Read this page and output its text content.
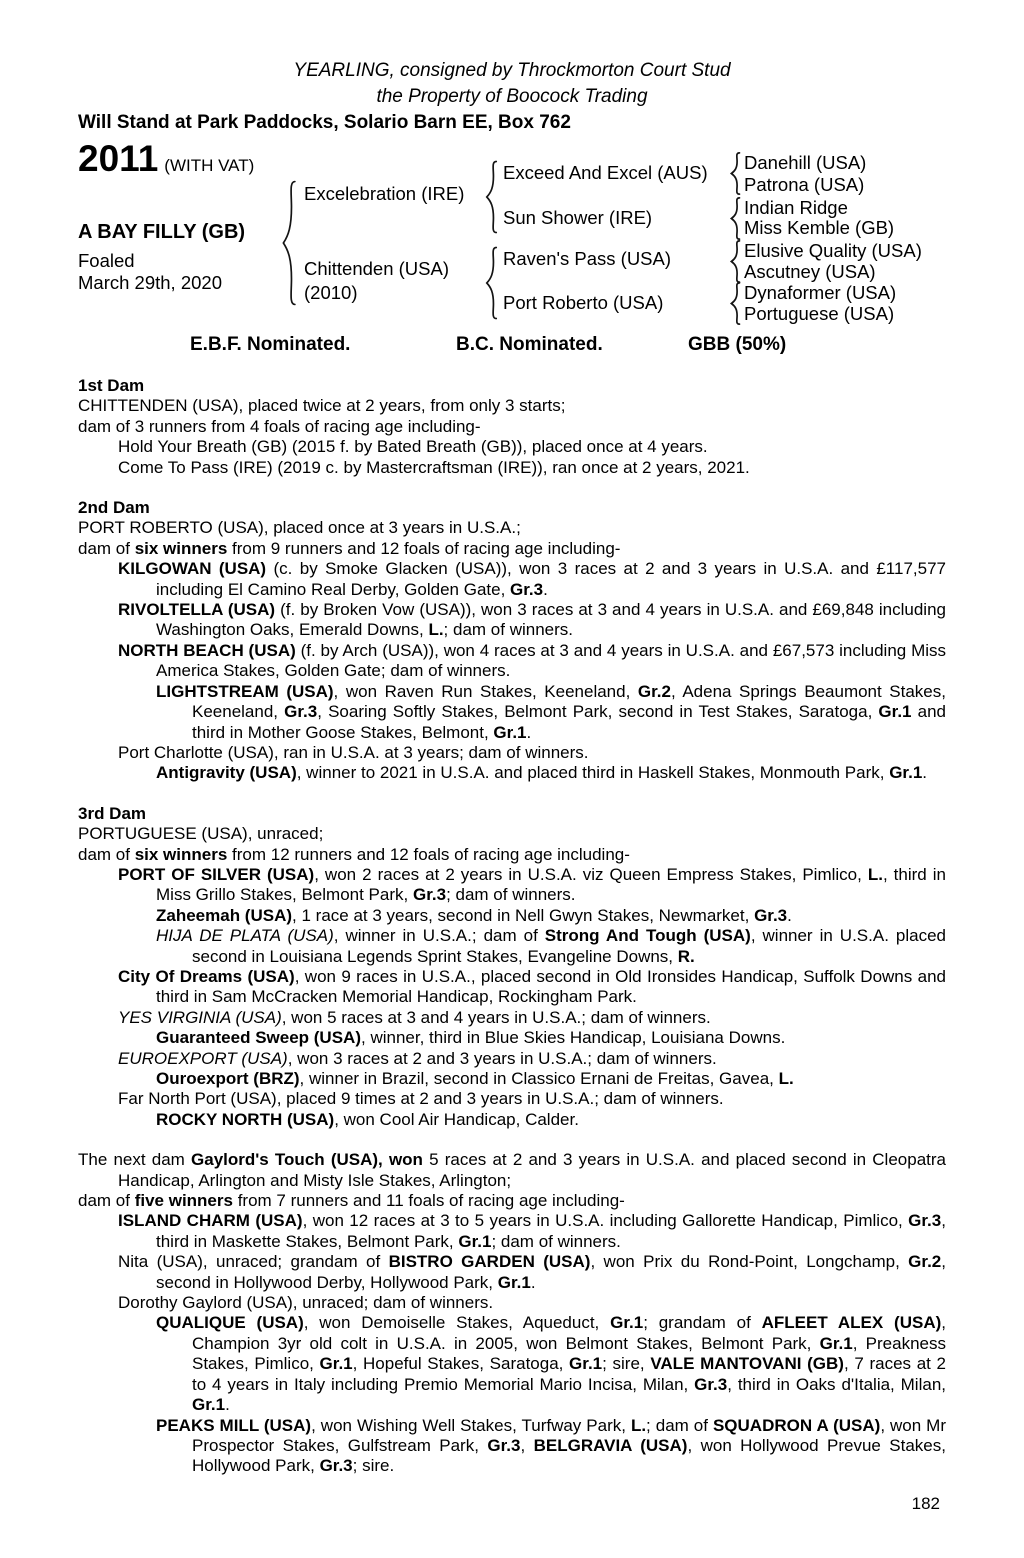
YEARLING, consigned by Throckmorton Court Stud
the Property of Boocock Trading
Will Stand at Park Paddocks, Solario Barn EE, Box 762
2011 (WITH VAT)
A BAY FILLY (GB)
Foaled
March 29th, 2020
Excelebration (IRE)
Chittenden (USA)
(2010)
Exceed And Excel (AUS)
Sun Shower (IRE)
Raven's Pass (USA)
Port Roberto (USA)
Danehill (USA)
Patrona (USA)
Indian Ridge
Miss Kemble (GB)
Elusive Quality (USA)
Ascutney (USA)
Dynaformer (USA)
Portuguese (USA)
E.B.F. Nominated.	B.C. Nominated.	GBB (50%)
1st Dam

CHITTENDEN (USA), placed twice at 2 years, from only 3 starts;

dam of 3 runners from 4 foals of racing age including-

Hold Your Breath (GB) (2015 f. by Bated Breath (GB)), placed once at 4 years.

Come To Pass (IRE) (2019 c. by Mastercraftsman (IRE)), ran once at 2 years, 2021.

2nd Dam

PORT ROBERTO (USA), placed once at 3 years in U.S.A.;

dam of six winners from 9 runners and 12 foals of racing age including-

KILGOWAN (USA) (c. by Smoke Glacken (USA)), won 3 races at 2 and 3 years in U.S.A. and £117,577 including El Camino Real Derby, Golden Gate, Gr.3.

RIVOLTELLA (USA) (f. by Broken Vow (USA)), won 3 races at 3 and 4 years in U.S.A. and £69,848 including Washington Oaks, Emerald Downs, L.; dam of winners.

NORTH BEACH (USA) (f. by Arch (USA)), won 4 races at 3 and 4 years in U.S.A. and £67,573 including Miss America Stakes, Golden Gate; dam of winners.

LIGHTSTREAM (USA), won Raven Run Stakes, Keeneland, Gr.2, Adena Springs Beaumont Stakes, Keeneland, Gr.3, Soaring Softly Stakes, Belmont Park, second in Test Stakes, Saratoga, Gr.1 and third in Mother Goose Stakes, Belmont, Gr.1.

Port Charlotte (USA), ran in U.S.A. at 3 years; dam of winners.

Antigravity (USA), winner to 2021 in U.S.A. and placed third in Haskell Stakes, Monmouth Park, Gr.1.

3rd Dam

PORTUGUESE (USA), unraced;

dam of six winners from 12 runners and 12 foals of racing age including-

PORT OF SILVER (USA), won 2 races at 2 years in U.S.A. viz Queen Empress Stakes, Pimlico, L., third in Miss Grillo Stakes, Belmont Park, Gr.3; dam of winners.

Zaheemah (USA), 1 race at 3 years, second in Nell Gwyn Stakes, Newmarket, Gr.3.

HIJA DE PLATA (USA), winner in U.S.A.; dam of Strong And Tough (USA), winner in U.S.A. placed second in Louisiana Legends Sprint Stakes, Evangeline Downs, R.

City Of Dreams (USA), won 9 races in U.S.A., placed second in Old Ironsides Handicap, Suffolk Downs and third in Sam McCracken Memorial Handicap, Rockingham Park.

YES VIRGINIA (USA), won 5 races at 3 and 4 years in U.S.A.; dam of winners.

Guaranteed Sweep (USA), winner, third in Blue Skies Handicap, Louisiana Downs.

EUROEXPORT (USA), won 3 races at 2 and 3 years in U.S.A.; dam of winners.

Ouroexport (BRZ), winner in Brazil, second in Classico Ernani de Freitas, Gavea, L.

Far North Port (USA), placed 9 times at 2 and 3 years in U.S.A.; dam of winners.

ROCKY NORTH (USA), won Cool Air Handicap, Calder.

The next dam Gaylord's Touch (USA), won 5 races at 2 and 3 years in U.S.A. and placed second in Cleopatra Handicap, Arlington and Misty Isle Stakes, Arlington;

dam of five winners from 7 runners and 11 foals of racing age including-

ISLAND CHARM (USA), won 12 races at 3 to 5 years in U.S.A. including Gallorette Handicap, Pimlico, Gr.3, third in Maskette Stakes, Belmont Park, Gr.1; dam of winners.

Nita (USA), unraced; grandam of BISTRO GARDEN (USA), won Prix du Rond-Point, Longchamp, Gr.2, second in Hollywood Derby, Hollywood Park, Gr.1.

Dorothy Gaylord (USA), unraced; dam of winners.

QUALIQUE (USA), won Demoiselle Stakes, Aqueduct, Gr.1; grandam of AFLEET ALEX (USA), Champion 3yr old colt in U.S.A. in 2005, won Belmont Stakes, Belmont Park, Gr.1, Preakness Stakes, Pimlico, Gr.1, Hopeful Stakes, Saratoga, Gr.1; sire, VALE MANTOVANI (GB), 7 races at 2 to 4 years in Italy including Premio Memorial Mario Incisa, Milan, Gr.3, third in Oaks d'Italia, Milan, Gr.1.

PEAKS MILL (USA), won Wishing Well Stakes, Turfway Park, L.; dam of SQUADRON A (USA), won Mr Prospector Stakes, Gulfstream Park, Gr.3, BELGRAVIA (USA), won Hollywood Prevue Stakes, Hollywood Park, Gr.3; sire.

182
